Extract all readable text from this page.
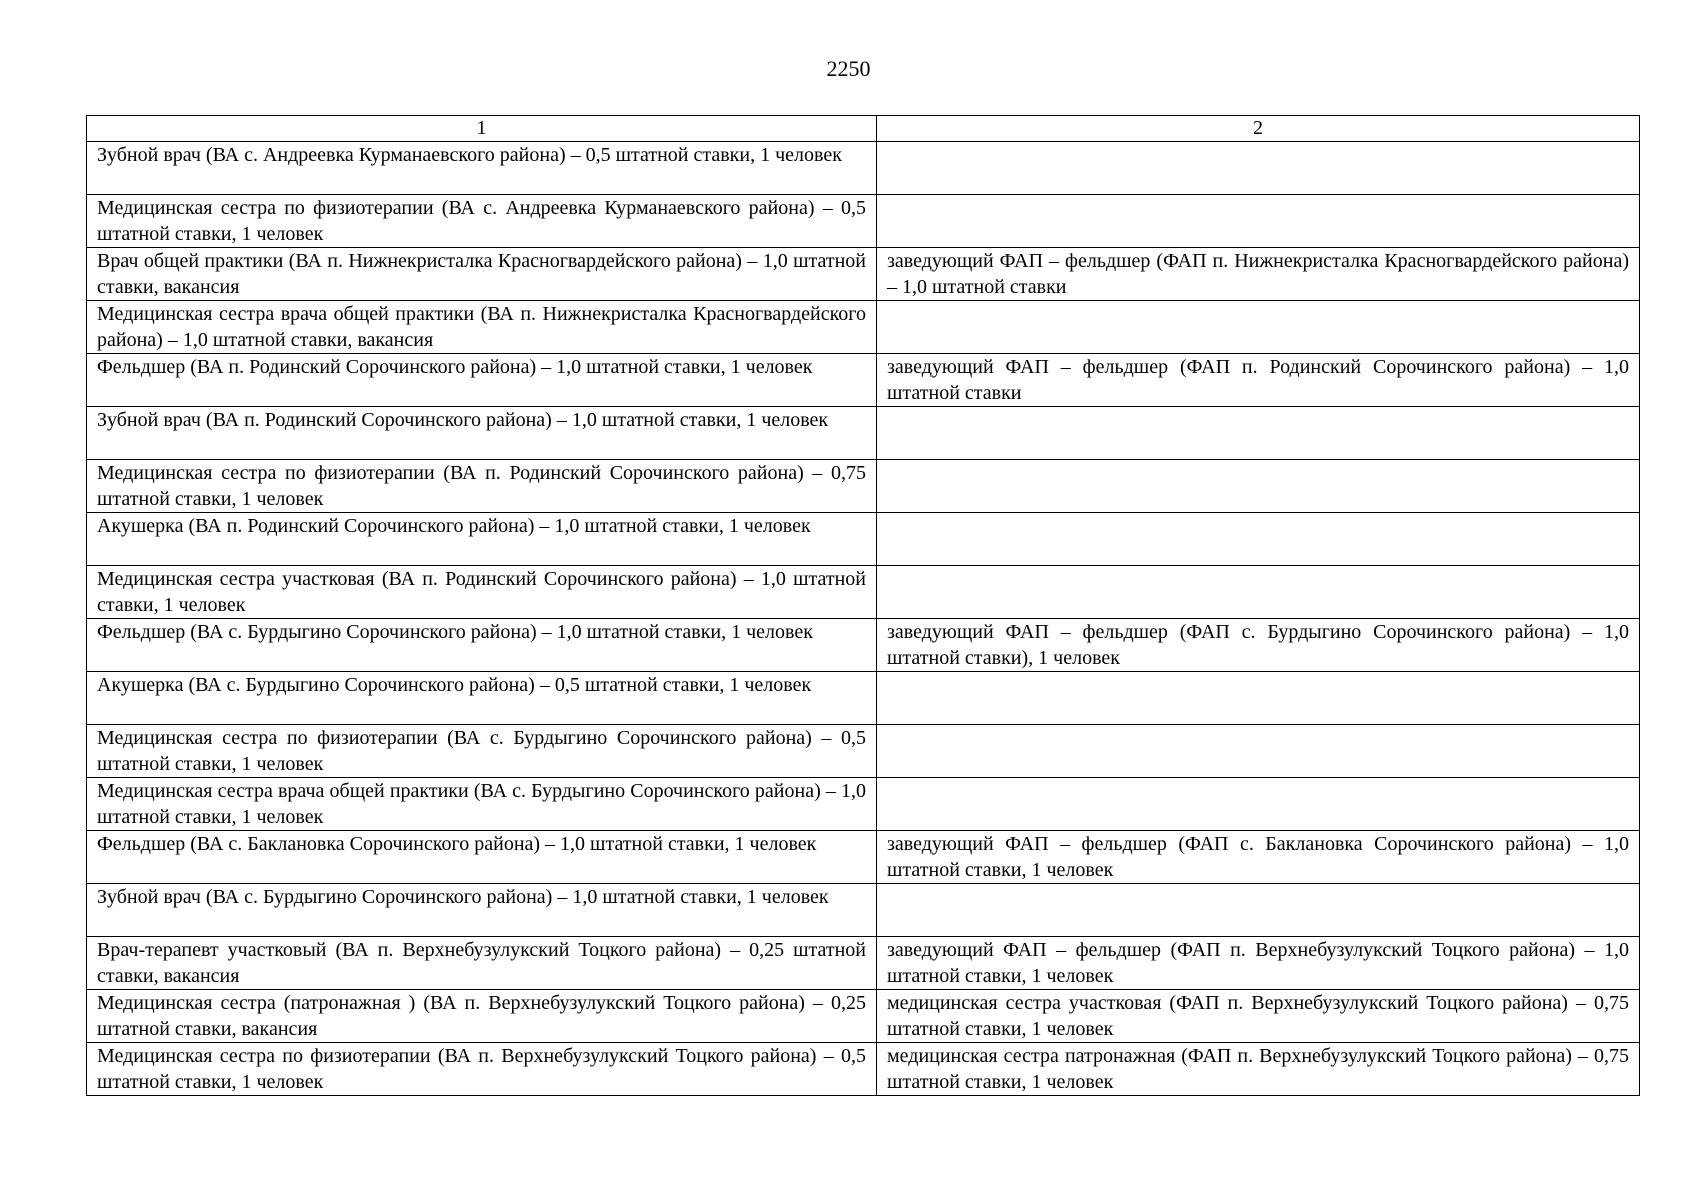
2250
1	2
Зубной врач (ВА с. Андреевка Курманаевского района) – 0,5 штатной ставки, 1 человек	
Медицинская сестра по физиотерапии (ВА с. Андреевка Курманаевского района) – 0,5 штатной ставки, 1 человек	
Врач общей практики (ВА п. Нижнекристалка Красногвардейского района) – 1,0 штатной ставки, вакансия	заведующий ФАП – фельдшер (ФАП п. Нижнекристалка Красногвардейского района) – 1,0 штатной ставки
Медицинская сестра врача общей практики (ВА п. Нижнекристалка Красногвардейского района) – 1,0 штатной ставки, вакансия	
Фельдшер (ВА п. Родинский Сорочинского района) – 1,0 штатной ставки, 1 человек	заведующий ФАП – фельдшер (ФАП п. Родинский Сорочинского района) – 1,0 штатной ставки
Зубной врач (ВА п. Родинский Сорочинского района) – 1,0 штатной ставки, 1 человек	
Медицинская сестра по физиотерапии (ВА п. Родинский Сорочинского района) – 0,75 штатной ставки, 1 человек	
Акушерка (ВА п. Родинский Сорочинского района) – 1,0 штатной ставки, 1 человек	
Медицинская сестра участковая (ВА п. Родинский Сорочинского района) – 1,0 штатной ставки, 1 человек	
Фельдшер (ВА с. Бурдыгино Сорочинского района) – 1,0 штатной ставки, 1 человек	заведующий ФАП – фельдшер (ФАП с. Бурдыгино Сорочинского района) – 1,0 штатной ставки), 1 человек
Акушерка (ВА с. Бурдыгино Сорочинского района) – 0,5 штатной ставки, 1 человек	
Медицинская сестра по физиотерапии (ВА с. Бурдыгино Сорочинского района) – 0,5 штатной ставки, 1 человек	
Медицинская сестра врача общей практики (ВА с. Бурдыгино Сорочинского района) – 1,0 штатной ставки, 1 человек	
Фельдшер (ВА с. Баклановка Сорочинского района) – 1,0 штатной ставки, 1 человек	заведующий ФАП – фельдшер (ФАП с. Баклановка Сорочинского района) – 1,0 штатной ставки, 1 человек
Зубной врач (ВА с. Бурдыгино Сорочинского района) – 1,0 штатной ставки, 1 человек	
Врач-терапевт участковый (ВА п. Верхнебузулукский Тоцкого района) – 0,25 штатной ставки, вакансия	заведующий ФАП – фельдшер (ФАП п. Верхнебузулукский Тоцкого района) – 1,0 штатной ставки, 1 человек
Медицинская сестра (патронажная ) (ВА п. Верхнебузулукский Тоцкого района) – 0,25 штатной ставки, вакансия	медицинская сестра участковая (ФАП п. Верхнебузулукский Тоцкого района) – 0,75 штатной ставки, 1 человек
Медицинская сестра по физиотерапии (ВА п. Верхнебузулукский Тоцкого района) – 0,5 штатной ставки, 1 человек	медицинская сестра патронажная (ФАП п. Верхнебузулукский Тоцкого района) – 0,75 штатной ставки, 1 человек
